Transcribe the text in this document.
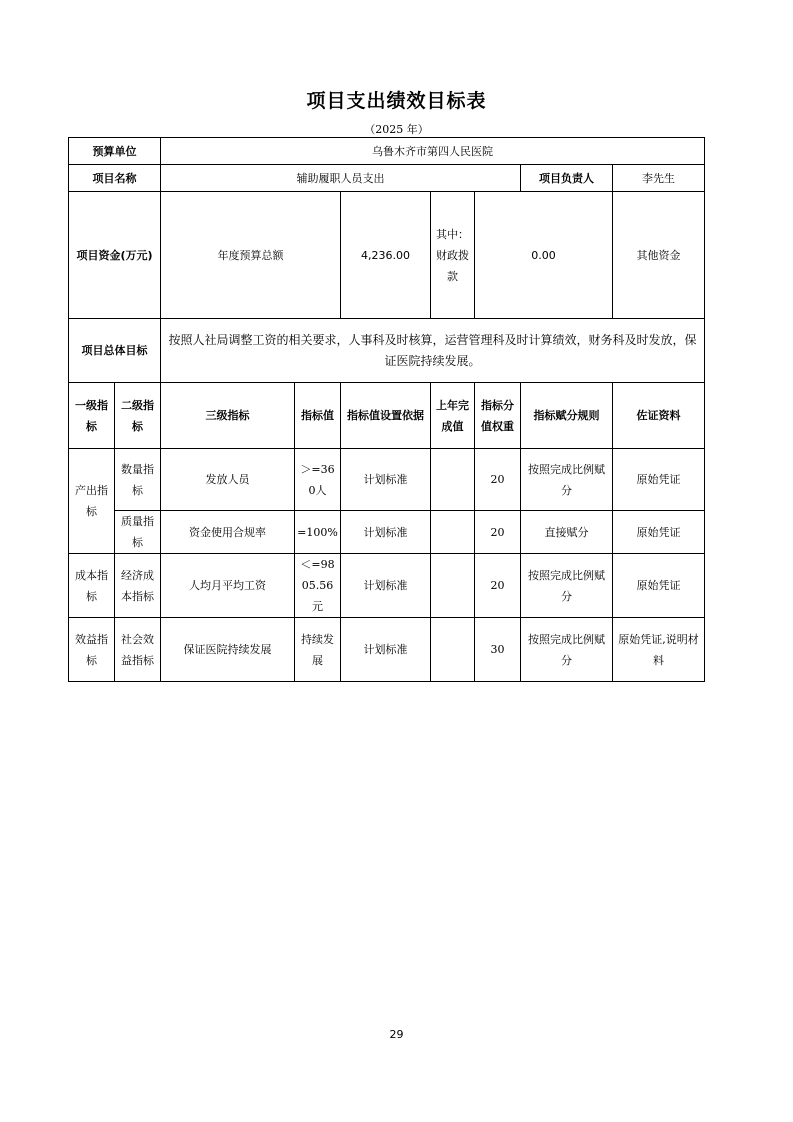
项目支出绩效目标表
（2025 年）
预算单位		乌鲁木齐市第四人民医院							
项目名称		辅助履职人员支出					项目负责人	李先生	
项目资金(万元)		年度预算总额		4,236.00	其中：财政拨款	0.00		其他资金	
项目总体目标		按照人社局调整工资的相关要求，人事科及时核算，运营管理科及时计算绩效，财务科及时发放，保证医院持续发展。							
一级指标	二级指标	三级指标	指标值	指标值设置依据	上年完成值	指标分值权重	指标赋分规则	佐证资料	
产出指标	数量指标	发放人员	＞=360人	计划标准		20	按照完成比例赋分	原始凭证	
	质量指标	资金使用合规率	=100%	计划标准		20	直接赋分	原始凭证	
成本指标	经济成本指标	人均月平均工资	＜=9805.56元	计划标准		20	按照完成比例赋分	原始凭证	
效益指标	社会效益指标	保证医院持续发展	持续发展	计划标准		30	按照完成比例赋分	原始凭证,说明材料	
29
